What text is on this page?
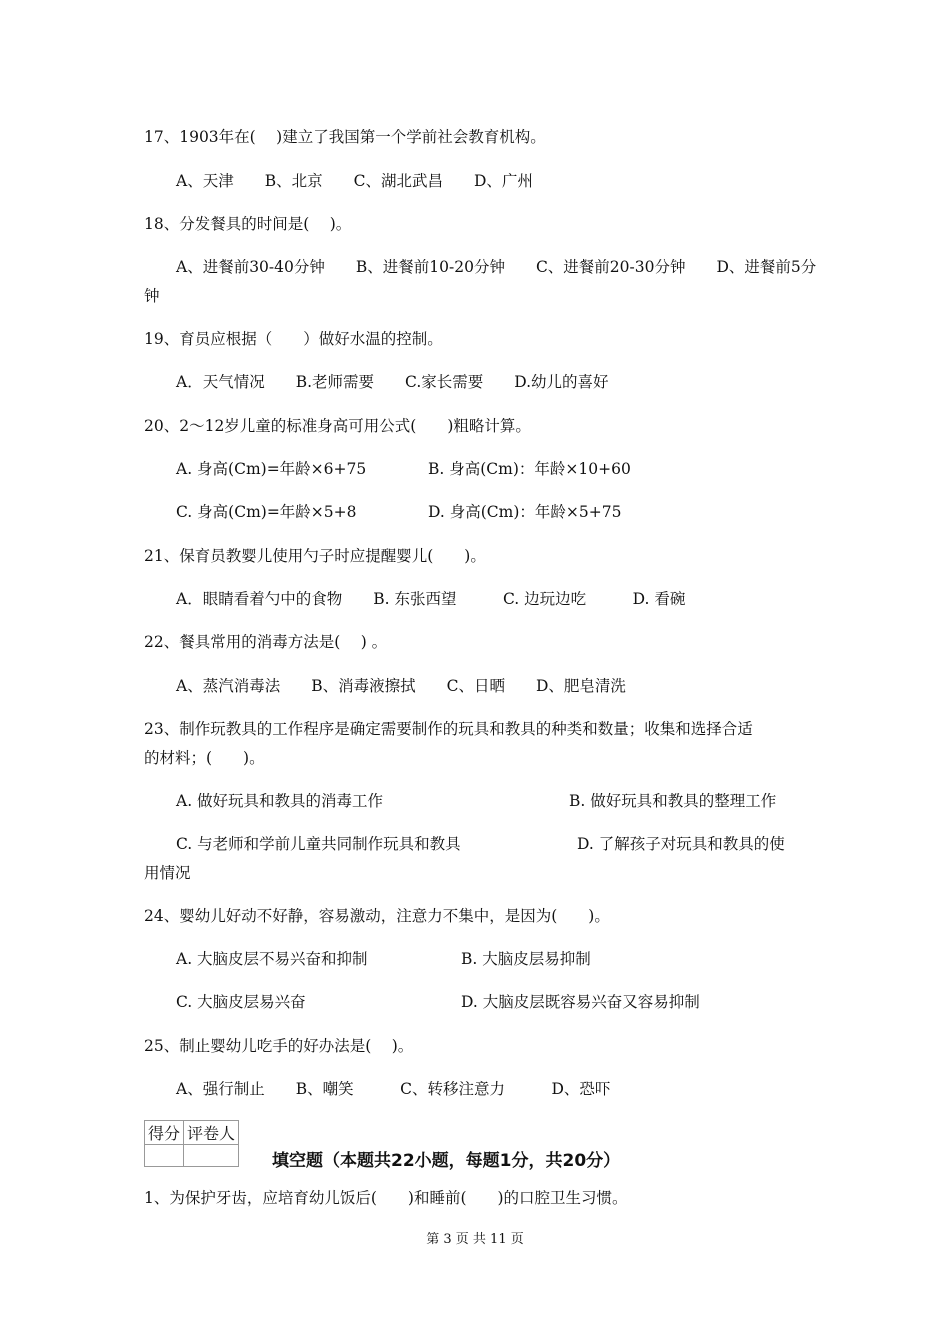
17、1903年在(　 )建立了我国第一个学前社会教育机构。
A、天津　　B、北京　　C、湖北武昌　　D、广州
18、分发餐具的时间是(　 )。
A、进餐前30-40分钟　　B、进餐前10-20分钟　　C、进餐前20-30分钟　　D、进餐前5分
钟
19、育员应根据（　　）做好水温的控制。
A．天气情况　　B.老师需要　　C.家长需要　　D.幼儿的喜好
20、2～12岁儿童的标准身高可用公式(　　)粗略计算。
A. 身高(Cm)=年龄×6+75	B. 身高(Cm)：年龄×10+60
C. 身高(Cm)=年龄×5+8	D. 身高(Cm)：年龄×5+75
21、保育员教婴儿使用勺子时应提醒婴儿(　　)。
A．眼睛看着勺中的食物　　B. 东张西望　　　C. 边玩边吃　　　D. 看碗
22、餐具常用的消毒方法是(　 ) 。
A、蒸汽消毒法　　B、消毒液擦拭　　C、日晒　　D、肥皂清洗
23、制作玩教具的工作程序是确定需要制作的玩具和教具的种类和数量；收集和选择合适
的材料；(　　)。
A. 做好玩具和教具的消毒工作	B. 做好玩具和教具的整理工作
C. 与老师和学前儿童共同制作玩具和教具	D. 了解孩子对玩具和教具的使
用情况
24、婴幼儿好动不好静，容易激动，注意力不集中，是因为(　　)。
A. 大脑皮层不易兴奋和抑制	B. 大脑皮层易抑制
C. 大脑皮层易兴奋	D. 大脑皮层既容易兴奋又容易抑制
25、制止婴幼儿吃手的好办法是(　 )。
A、强行制止　　B、嘲笑　　　C、转移注意力　　　D、恐吓
得分	评卷人

填空题（本题共22小题，每题1分，共20分）
1、为保护牙齿，应培育幼儿饭后(　　)和睡前(　　)的口腔卫生习惯。
第 3 页 共 11 页
